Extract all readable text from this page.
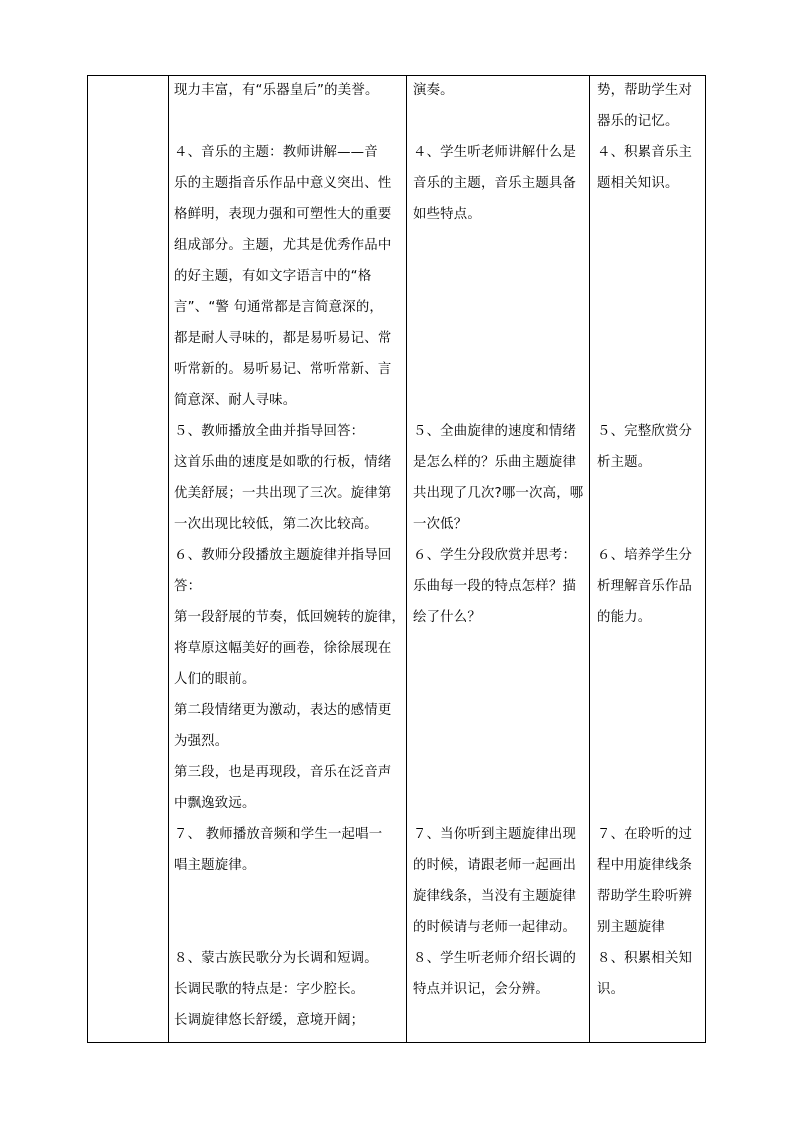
现力丰富，有“乐器皇后”的美誉。
４、音乐的主题：教师讲解——音
乐的主题指音乐作品中意义突出、性
格鲜明，表现力强和可塑性大的重要
组成部分。主题，尤其是优秀作品中
的好主题，有如文字语言中的“格
言”、“警 句通常都是言简意深的，
都是耐人寻味的，都是易听易记、常
听常新的。易听易记、常听常新、言
简意深、耐人寻味。
５、教师播放全曲并指导回答：
这首乐曲的速度是如歌的行板，情绪
优美舒展；一共出现了三次。旋律第
一次出现比较低，第二次比较高。
６、教师分段播放主题旋律并指导回
答：
第一段舒展的节奏，低回婉转的旋律，
将草原这幅美好的画卷，徐徐展现在
人们的眼前。
第二段情绪更为激动，表达的感情更
为强烈。
第三段，也是再现段，音乐在泛音声
中飘逸致远。
７、 教师播放音频和学生一起唱一
唱主题旋律。
８、蒙古族民歌分为长调和短调。
长调民歌的特点是：字少腔长。
长调旋律悠长舒缓，意境开阔；
演奏。
４、学生听老师讲解什么是
音乐的主题，音乐主题具备
如些特点。
５、全曲旋律的速度和情绪
是怎么样的？乐曲主题旋律
共出现了几次?哪一次高，哪
一次低？
６、学生分段欣赏并思考：
乐曲每一段的特点怎样？描
绘了什么？
７、当你听到主题旋律出现
的时候，请跟老师一起画出
旋律线条，当没有主题旋律
的时候请与老师一起律动。
８、学生听老师介绍长调的
特点并识记，会分辨。
势，帮助学生对
器乐的记忆。
４、积累音乐主
题相关知识。
５、完整欣赏分
析主题。
６、培养学生分
析理解音乐作品
的能力。
７、在聆听的过
程中用旋律线条
帮助学生聆听辨
别主题旋律
８、积累相关知
识。
